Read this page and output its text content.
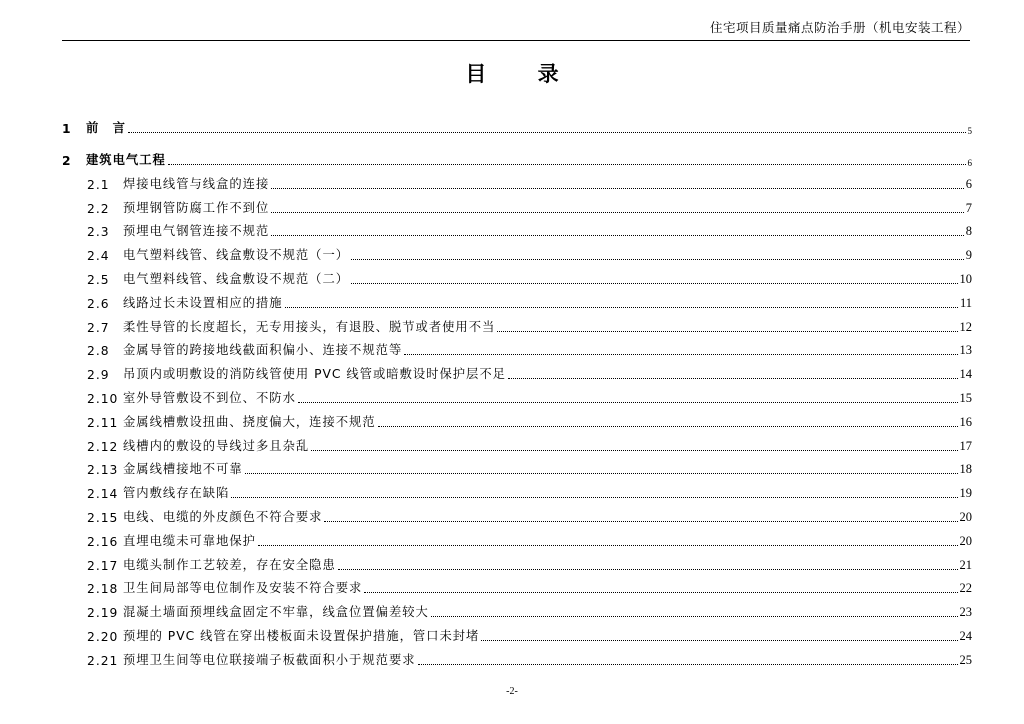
住宅项目质量痛点防治手册（机电安装工程）
目 录
1	前　言	5
2	建筑电气工程	6
2.1	焊接电线管与线盒的连接	6
2.2	预埋钢管防腐工作不到位	7
2.3	预埋电气钢管连接不规范	8
2.4	电气塑料线管、线盒敷设不规范（一）	9
2.5	电气塑料线管、线盒敷设不规范（二）	10
2.6	线路过长未设置相应的措施	11
2.7	柔性导管的长度超长，无专用接头，有退股、脱节或者使用不当	12
2.8	金属导管的跨接地线截面积偏小、连接不规范等	13
2.9	吊顶内或明敷设的消防线管使用 PVC 线管或暗敷设时保护层不足	14
2.10 室外导管敷设不到位、不防水	15
2.11 金属线槽敷设扭曲、挠度偏大，连接不规范	16
2.12 线槽内的敷设的导线过多且杂乱	17
2.13 金属线槽接地不可靠	18
2.14 管内敷线存在缺陷	19
2.15 电线、电缆的外皮颜色不符合要求	20
2.16 直埋电缆未可靠地保护	20
2.17 电缆头制作工艺较差，存在安全隐患	21
2.18 卫生间局部等电位制作及安装不符合要求	22
2.19 混凝土墙面预埋线盒固定不牢靠，线盒位置偏差较大	23
2.20 预埋的 PVC 线管在穿出楼板面未设置保护措施，管口未封堵	24
2.21 预埋卫生间等电位联接端子板截面积小于规范要求	25
-2-
